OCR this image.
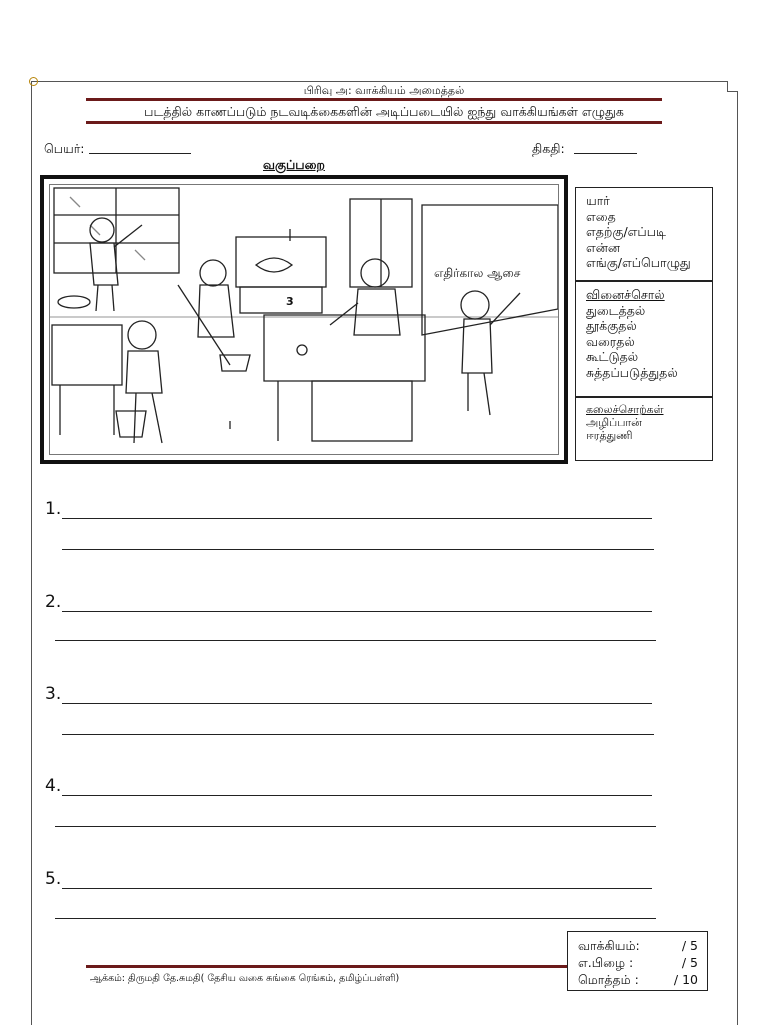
பிரிவு அ: வாக்கியம் அமைத்தல்
படத்தில் காணப்படும் நடவடிக்கைகளின் அடிப்படையில் ஐந்து வாக்கியங்கள் எழுதுக
பெயர்:	திகதி:
வகுப்பறை
3
எதிர்கால ஆசை
யார்
எதை
எதற்கு/எப்படி
என்ன
எங்கு/எப்பொழுது
வினைச்சொல்
துடைத்தல்
தூக்குதல்
வரைதல்
கூட்டுதல்
சுத்தப்படுத்துதல்
கலைச்சொற்கள்
அழிப்பான்
ஈரத்துணி
1.
2.
3.
4.
5.
வாக்கியம்:	/ 5
எ.பிழை :	/ 5
மொத்தம் :	/ 10
ஆக்கம்: திருமதி தே.சுமதி( தேசிய வகை சுங்கை ரெங்கம், தமிழ்ப்பள்ளி)
